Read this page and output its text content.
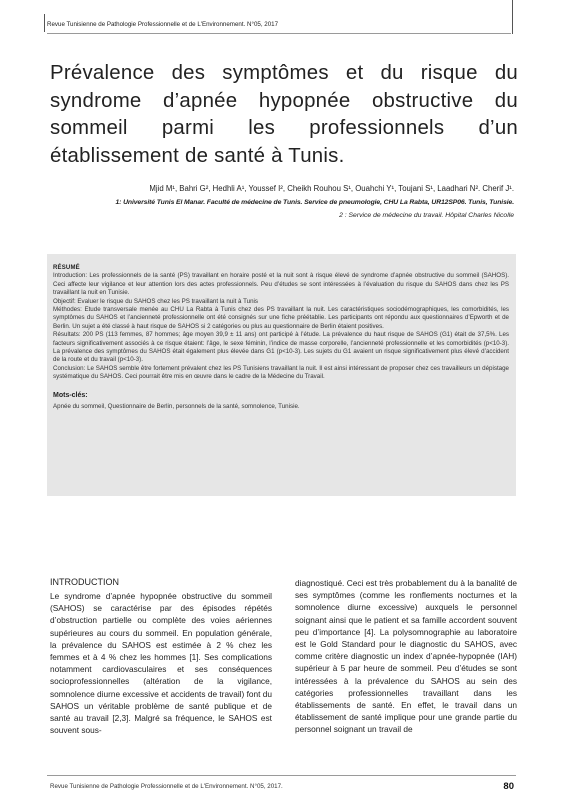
Revue Tunisienne de Pathologie Professionnelle et de L'Environnement. N°05, 2017
Prévalence des symptômes et du risque du syndrome d’apnée hypopnée obstructive du sommeil parmi les professionnels d’un établissement de santé à Tunis.
Mjid M¹, Bahri G², Hedhli A¹, Youssef I², Cheikh Rouhou S¹, Ouahchi Y¹, Toujani S¹, Laadhari N². Cherif J¹.
1: Université Tunis El Manar. Faculté de médecine de Tunis. Service de pneumologie, CHU La Rabta, UR12SP06. Tunis, Tunisie.
2 : Service de médecine du travail. Hôpital Charles Nicolle

RÉSUMÉ

Introduction: Les professionnels de la santé (PS) travaillant en horaire posté et la nuit sont à risque élevé de syndrome d’apnée obstructive du sommeil (SAHOS). Ceci affecte leur vigilance et leur attention lors des actes professionnels. Peu d’études se sont intéressées à l’évaluation du risque du SAHOS dans chez les PS travaillant la nuit en Tunisie.

Objectif: Evaluer le risque du SAHOS chez les PS travaillant la nuit à Tunis

Méthodes: Etude transversale menée au CHU La Rabta à Tunis chez des PS travaillant la nuit. Les caractéristiques sociodémographiques, les comorbidités, les symptômes du SAHOS et l’ancienneté professionnelle ont été consignés sur une fiche préétablie. Les participants ont répondu aux questionnaires d’Epworth et de Berlin. Un sujet a été classé à haut risque de SAHOS si 2 catégories ou plus au questionnaire de Berlin étaient positives.

Résultats: 200 PS (113 femmes, 87 hommes; âge moyen 39,9 ± 11 ans) ont participé à l’étude. La prévalence du haut risque de SAHOS (G1) était de 37,5%. Les facteurs significativement associés à ce risque étaient: l’âge, le sexe féminin, l’indice de masse corporelle, l’ancienneté professionnelle et les comorbidités (p<10-3). La prévalence des symptômes du SAHOS était également plus élevée dans G1 (p<10-3). Les sujets du G1 avaient un risque significativement plus élevé d’accident de la route et du travail (p<10-3).

Conclusion: Le SAHOS semble être fortement prévalent chez les PS Tunisiens travaillant la nuit. Il est ainsi intéressant de proposer chez ces travailleurs un dépistage systématique du SAHOS. Ceci pourrait être mis en œuvre dans le cadre de la Médecine du Travail.

Mots-clés:

Apnée du sommeil, Questionnaire de Berlin, personnels de la santé, somnolence, Tunisie.

INTRODUCTION

Le syndrome d’apnée hypopnée obstructive du sommeil (SAHOS) se caractérise par des épisodes répétés d’obstruction partielle ou complète des voies aériennes supérieures au cours du sommeil. En population générale, la prévalence du SAHOS est estimée à 2 % chez les femmes et à 4 % chez les hommes [1]. Ses complications notamment cardiovasculaires et ses conséquences socioprofessionnelles (altération de la vigilance, somnolence diurne excessive et accidents de travail) font du SAHOS un véritable problème de santé publique et de santé au travail [2,3]. Malgré sa fréquence, le SAHOS est souvent sous-

diagnostiqué. Ceci est très probablement du à la banalité de ses symptômes (comme les ronflements nocturnes et la somnolence diurne excessive) auxquels le personnel soignant ainsi que le patient et sa famille accordent souvent peu d’importance [4]. La polysomnographie au laboratoire est le Gold Standard pour le diagnostic du SAHOS, avec comme critère diagnostic un index d’apnée-hypopnée (IAH) supérieur à 5 par heure de sommeil. Peu d’études se sont intéressées à la prévalence du SAHOS au sein des catégories professionnelles travaillant dans les établissements de santé. En effet, le travail dans un établissement de santé implique pour une grande partie du personnel soignant un travail de

Revue Tunisienne de Pathologie Professionnelle et de L'Environnement. N°05, 2017.	80
